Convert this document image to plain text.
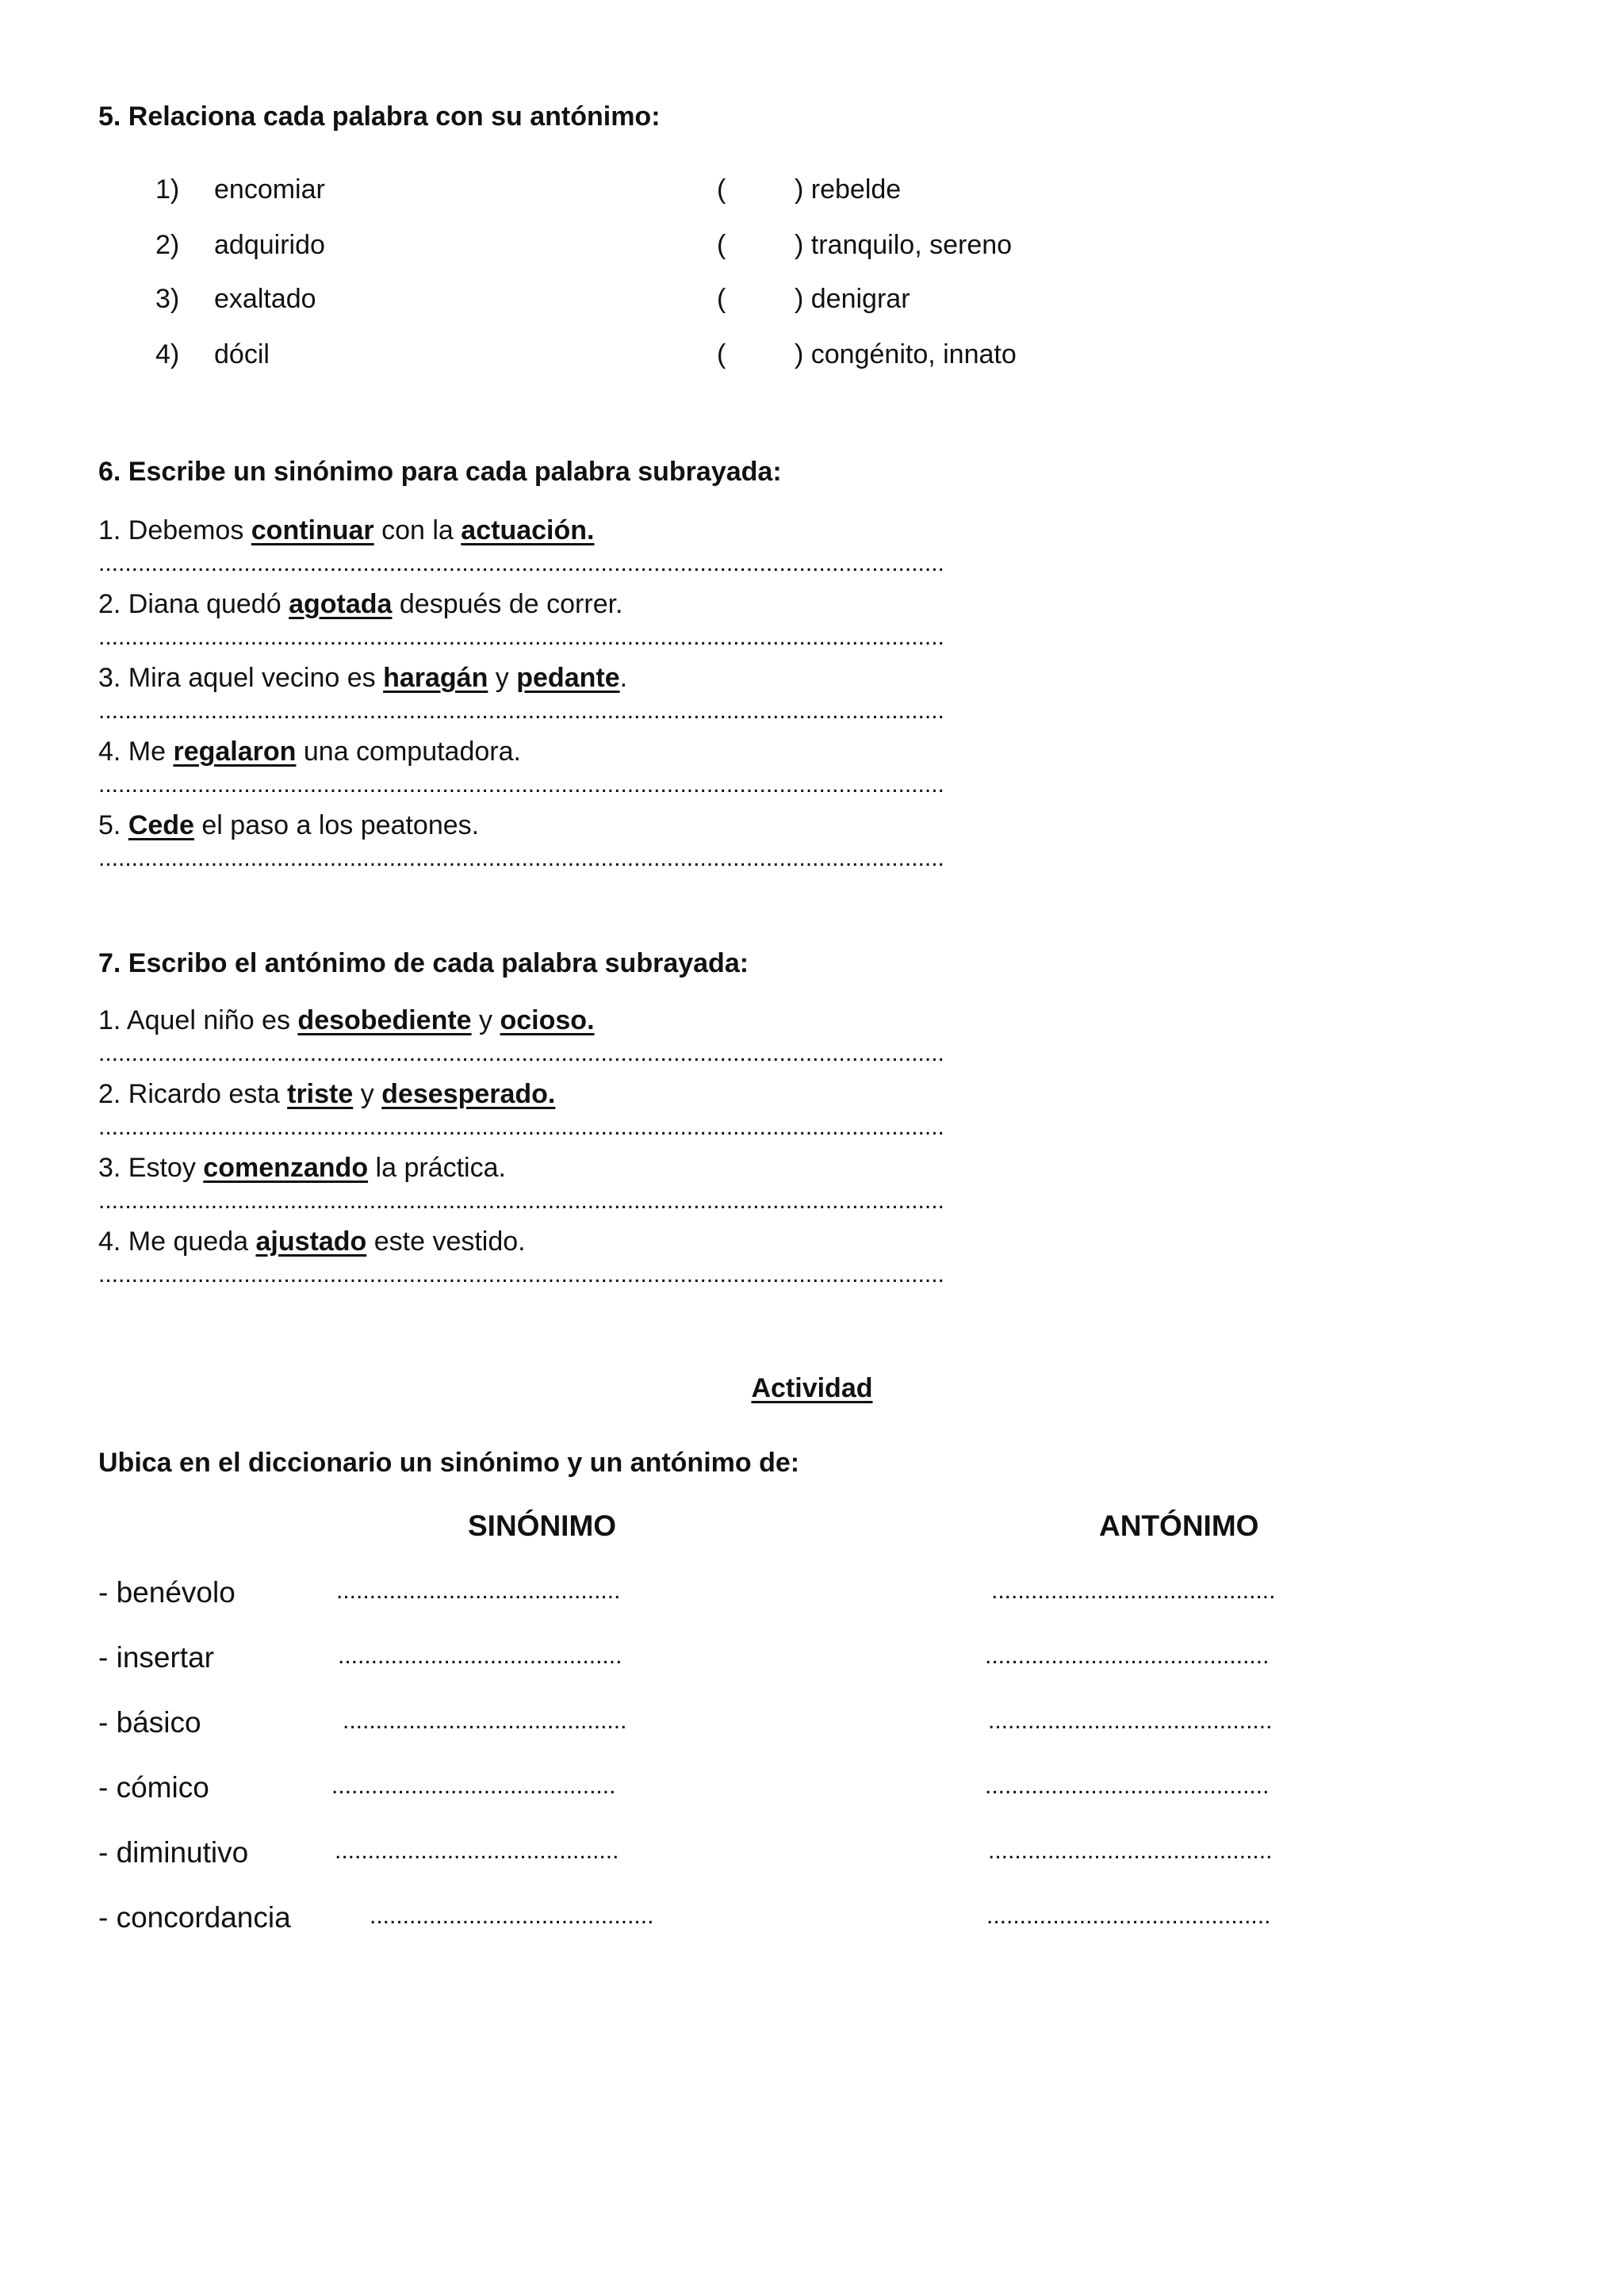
5. Relaciona cada palabra con su antónimo:
1) encomiar	(	) rebelde
2) adquirido	(	) tranquilo, sereno
3) exaltado	(	) denigrar
4) dócil	(	) congénito, innato
6. Escribe un sinónimo para cada palabra subrayada:
1. Debemos continuar con la actuación.
................................................................................................................................
2. Diana quedó agotada después de correr.
................................................................................................................................
3. Mira aquel vecino es haragán y pedante.
................................................................................................................................
4. Me regalaron una computadora.
................................................................................................................................
5. Cede el paso a los peatones.
................................................................................................................................
7. Escribo el antónimo de cada palabra subrayada:
1. Aquel niño es desobediente y ocioso.
................................................................................................................................
2. Ricardo esta triste y desesperado.
................................................................................................................................
3. Estoy comenzando la práctica.
................................................................................................................................
4. Me queda ajustado este vestido.
................................................................................................................................
Actividad
Ubica en el diccionario un sinónimo y un antónimo de:
SINÓNIMO	ANTÓNIMO
- benévolo	...........................................	...........................................
- insertar	...........................................	...........................................
- básico	...........................................	...........................................
- cómico	...........................................	...........................................
- diminutivo	...........................................	...........................................
- concordancia	...........................................	...........................................
